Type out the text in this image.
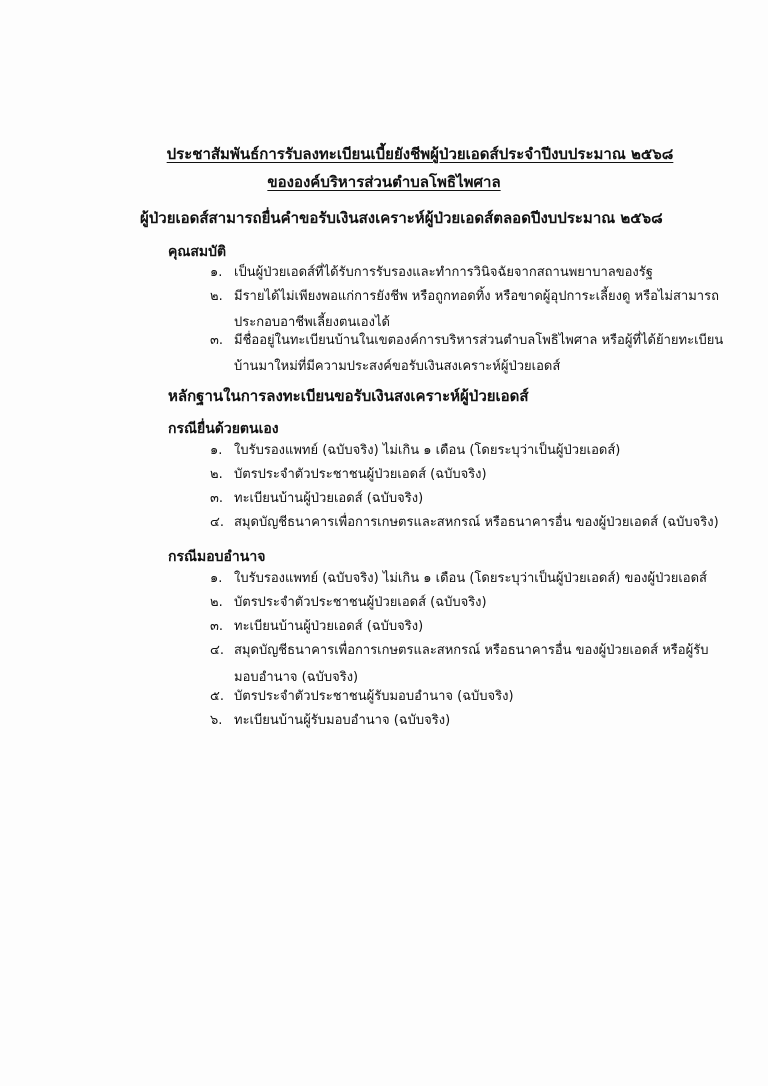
ประชาสัมพันธ์การรับลงทะเบียนเบี้ยยังชีพผู้ป่วยเอดส์ประจำปีงบประมาณ ๒๕๖๘
ขององค์บริหารส่วนตำบลโพธิไพศาล
ผู้ป่วยเอดส์สามารถยื่นคำขอรับเงินสงเคราะห์ผู้ป่วยเอดส์ตลอดปีงบประมาณ ๒๕๖๘
คุณสมบัติ
๑. เป็นผู้ป่วยเอดส์ที่ได้รับการรับรองและทำการวินิจฉัยจากสถานพยาบาลของรัฐ
๒. มีรายได้ไม่เพียงพอแก่การยังชีพ หรือถูกทอดทิ้ง หรือขาดผู้อุปการะเลี้ยงดู หรือไม่สามารถ
ประกอบอาชีพเลี้ยงตนเองได้
๓. มีชื่ออยู่ในทะเบียนบ้านในเขตองค์การบริหารส่วนตำบลโพธิไพศาล หรือผู้ที่ได้ย้ายทะเบียน
บ้านมาใหม่ที่มีความประสงค์ขอรับเงินสงเคราะห์ผู้ป่วยเอดส์
หลักฐานในการลงทะเบียนขอรับเงินสงเคราะห์ผู้ป่วยเอดส์
กรณียื่นด้วยตนเอง
๑. ใบรับรองแพทย์ (ฉบับจริง) ไม่เกิน ๑ เดือน (โดยระบุว่าเป็นผู้ป่วยเอดส์)
๒. บัตรประจำตัวประชาชนผู้ป่วยเอดส์ (ฉบับจริง)
๓. ทะเบียนบ้านผู้ป่วยเอดส์ (ฉบับจริง)
๔. สมุดบัญชีธนาคารเพื่อการเกษตรและสหกรณ์ หรือธนาคารอื่น ของผู้ป่วยเอดส์ (ฉบับจริง)
กรณีมอบอำนาจ
๑. ใบรับรองแพทย์ (ฉบับจริง) ไม่เกิน ๑ เดือน (โดยระบุว่าเป็นผู้ป่วยเอดส์) ของผู้ป่วยเอดส์
๒. บัตรประจำตัวประชาชนผู้ป่วยเอดส์ (ฉบับจริง)
๓. ทะเบียนบ้านผู้ป่วยเอดส์ (ฉบับจริง)
๔. สมุดบัญชีธนาคารเพื่อการเกษตรและสหกรณ์ หรือธนาคารอื่น ของผู้ป่วยเอดส์ หรือผู้รับ
มอบอำนาจ (ฉบับจริง)
๕. บัตรประจำตัวประชาชนผู้รับมอบอำนาจ (ฉบับจริง)
๖. ทะเบียนบ้านผู้รับมอบอำนาจ (ฉบับจริง)
